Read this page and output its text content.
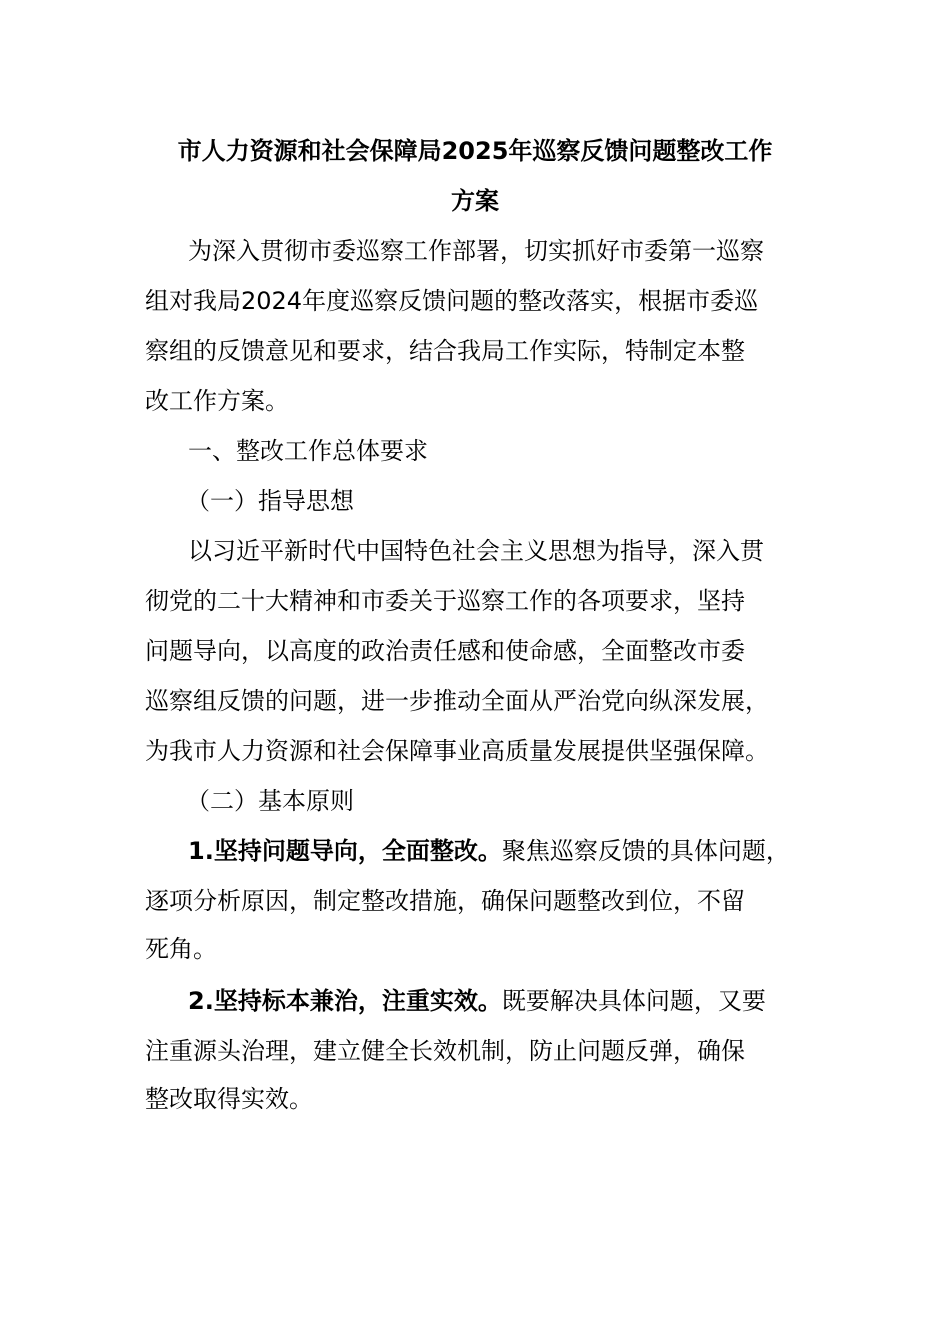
市人力资源和社会保障局2025年巡察反馈问题整改工作
方案
为深入贯彻市委巡察工作部署，切实抓好市委第一巡察
组对我局2024年度巡察反馈问题的整改落实，根据市委巡
察组的反馈意见和要求，结合我局工作实际，特制定本整
改工作方案。
一、整改工作总体要求
（一）指导思想
以习近平新时代中国特色社会主义思想为指导，深入贯
彻党的二十大精神和市委关于巡察工作的各项要求，坚持
问题导向，以高度的政治责任感和使命感，全面整改市委
巡察组反馈的问题，进一步推动全面从严治党向纵深发展，
为我市人力资源和社会保障事业高质量发展提供坚强保障。
（二）基本原则
1.坚持问题导向，全面整改。聚焦巡察反馈的具体问题，
逐项分析原因，制定整改措施，确保问题整改到位，不留
死角。
2.坚持标本兼治，注重实效。既要解决具体问题，又要
注重源头治理，建立健全长效机制，防止问题反弹，确保
整改取得实效。
